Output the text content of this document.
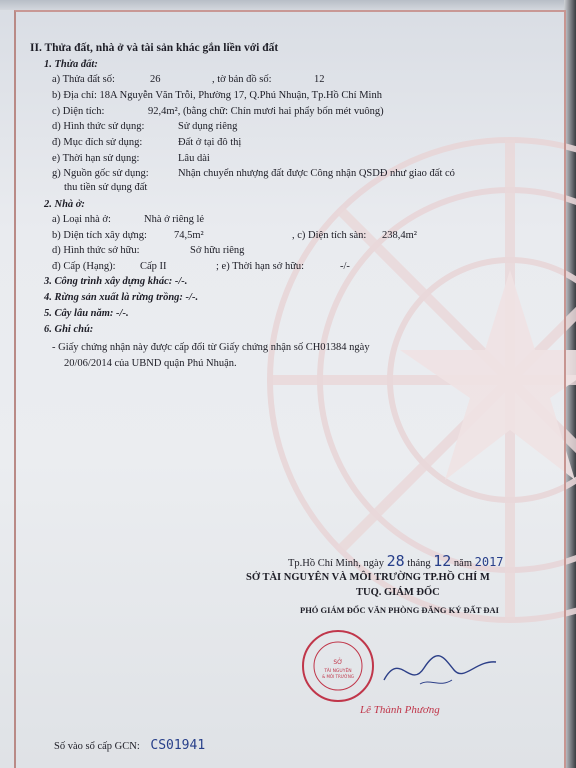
II. Thửa đất, nhà ở và tài sản khác gắn liền với đất
1. Thửa đất:
a) Thửa đất số:	26	, tờ bản đồ số:	12
b) Địa chỉ: 18A Nguyễn Văn Trỗi, Phường 17, Q.Phú Nhuận, Tp.Hồ Chí Minh
c) Diện tích:	92,4m², (bằng chữ: Chín mươi hai phẩy bốn mét vuông)
d) Hình thức sử dụng:	Sử dụng riêng
đ) Mục đích sử dụng:	Đất ở tại đô thị
e) Thời hạn sử dụng:	Lâu dài
g) Nguồn gốc sử dụng:	Nhận chuyển nhượng đất được Công nhận QSDĐ như giao đất có
thu tiền sử dụng đất
2. Nhà ở:
a) Loại nhà ở:	Nhà ở riêng lẻ
b) Diện tích xây dựng:	74,5m²	, c) Diện tích sàn: 238,4m²
d) Hình thức sở hữu:	Sở hữu riêng
đ) Cấp (Hạng): Cấp II	; e) Thời hạn sở hữu:	-/-
3. Công trình xây dựng khác: -/-.
4. Rừng sản xuất là rừng trồng: -/-.
5. Cây lâu năm: -/-.
6. Ghi chú:
- Giấy chứng nhận này được cấp đổi từ Giấy chứng nhận số CH01384 ngày
20/06/2014 của UBND quận Phú Nhuận.
Tp.Hồ Chí Minh, ngày 28 tháng 12 năm 2017
SỞ TÀI NGUYÊN VÀ MÔI TRƯỜNG TP.HỒ CHÍ M
TUQ. GIÁM ĐỐC
PHÓ GIÁM ĐỐC VĂN PHÒNG ĐĂNG KÝ ĐẤT ĐAI
SỞ
TÀI NGUYÊN
& MÔI TRƯỜNG
Lê Thành Phương
Số vào sổ cấp GCN: CS01941
